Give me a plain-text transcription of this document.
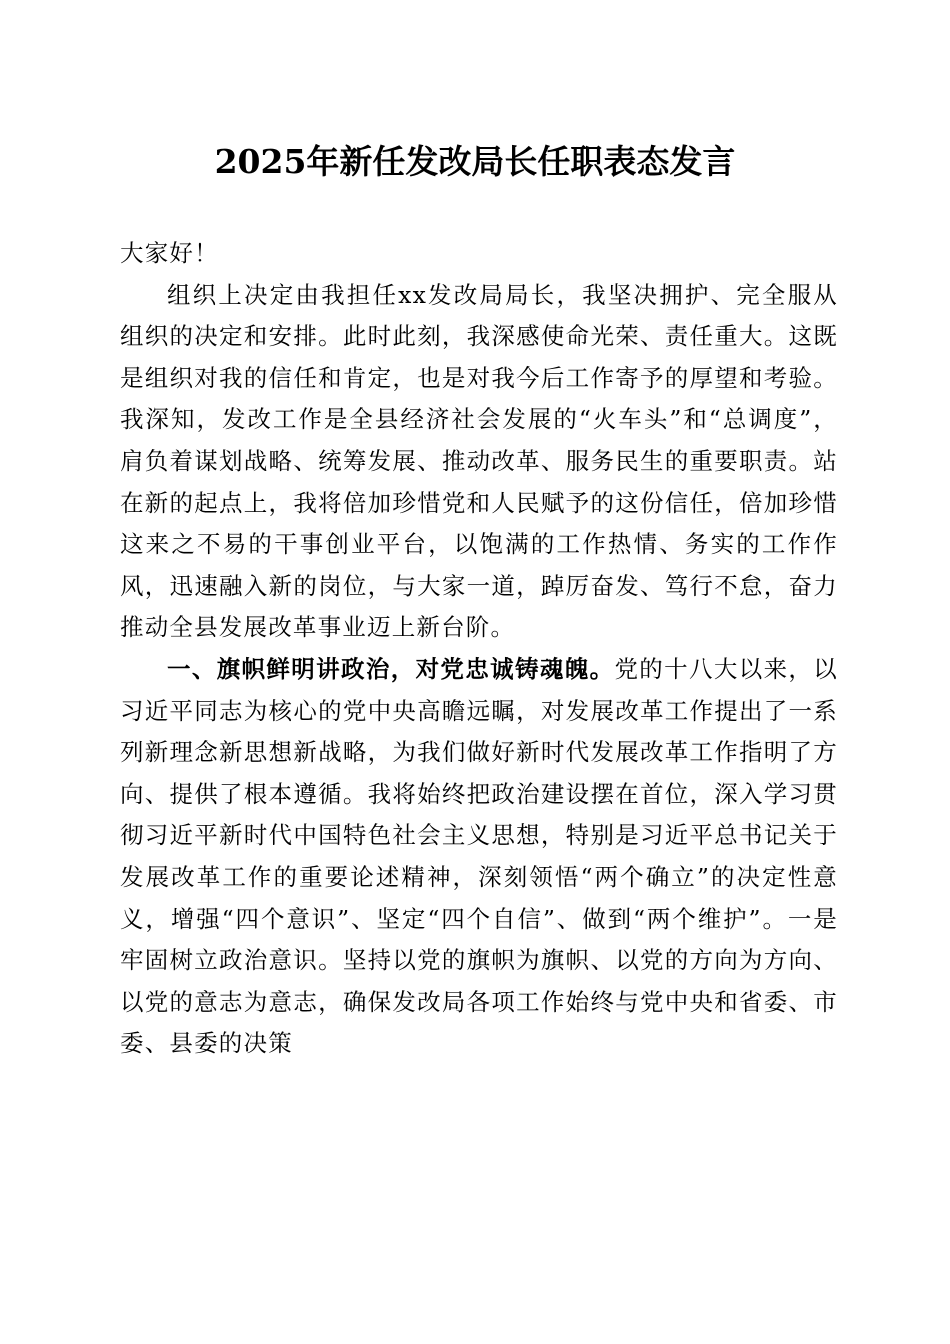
2025年新任发改局长任职表态发言

大家好！

组织上决定由我担任xx发改局局长，我坚决拥护、完全服从组织的决定和安排。此时此刻，我深感使命光荣、责任重大。这既是组织对我的信任和肯定，也是对我今后工作寄予的厚望和考验。我深知，发改工作是全县经济社会发展的“火车头”和“总调度”，肩负着谋划战略、统筹发展、推动改革、服务民生的重要职责。站在新的起点上，我将倍加珍惜党和人民赋予的这份信任，倍加珍惜这来之不易的干事创业平台，以饱满的工作热情、务实的工作作风，迅速融入新的岗位，与大家一道，踔厉奋发、笃行不怠，奋力推动全县发展改革事业迈上新台阶。

一、旗帜鲜明讲政治，对党忠诚铸魂魄。党的十八大以来，以习近平同志为核心的党中央高瞻远瞩，对发展改革工作提出了一系列新理念新思想新战略，为我们做好新时代发展改革工作指明了方向、提供了根本遵循。我将始终把政治建设摆在首位，深入学习贯彻习近平新时代中国特色社会主义思想，特别是习近平总书记关于发展改革工作的重要论述精神，深刻领悟“两个确立”的决定性意义，增强“四个意识”、坚定“四个自信”、做到“两个维护”。一是牢固树立政治意识。坚持以党的旗帜为旗帜、以党的方向为方向、以党的意志为意志，确保发改局各项工作始终与党中央和省委、市委、县委的决策
